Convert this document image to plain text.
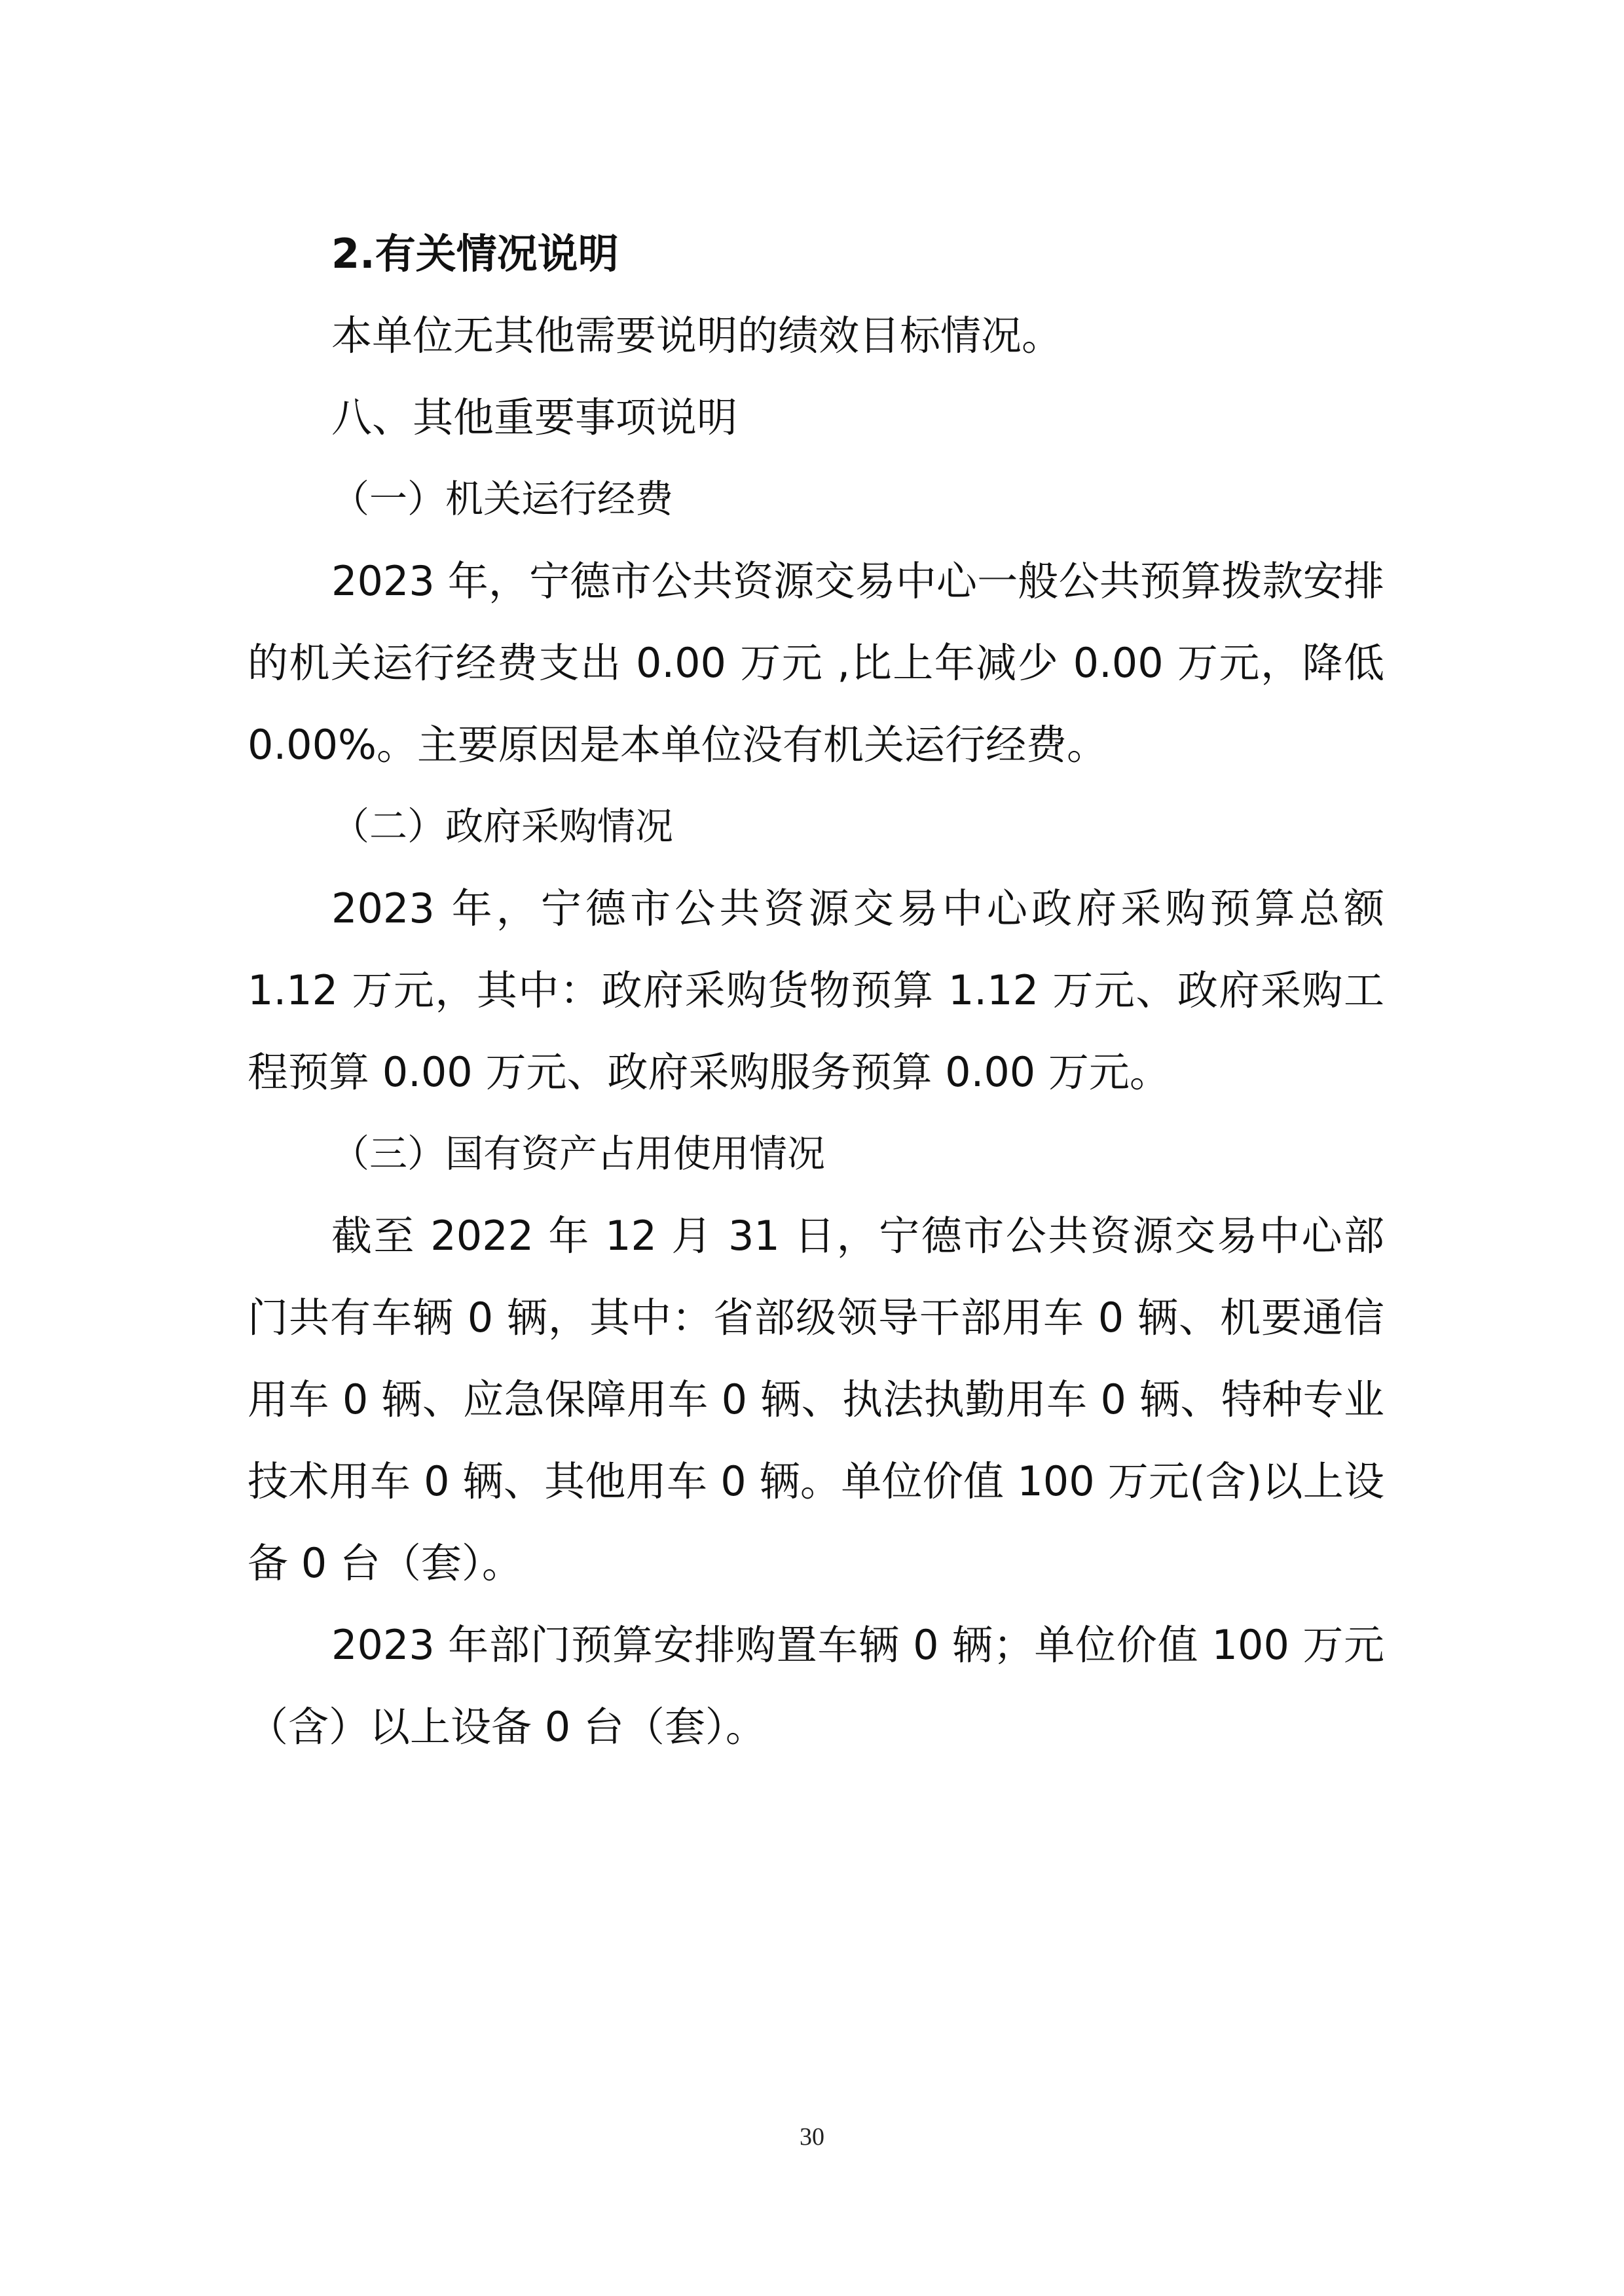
2.有关情况说明

本单位无其他需要说明的绩效目标情况。

八、其他重要事项说明

（一）机关运行经费

2023 年，宁德市公共资源交易中心一般公共预算拨款安排的机关运行经费支出 0.00 万元 ,比上年减少 0.00 万元，降低 0.00%。主要原因是本单位没有机关运行经费。

（二）政府采购情况

2023 年，宁德市公共资源交易中心政府采购预算总额 1.12 万元，其中：政府采购货物预算 1.12 万元、政府采购工程预算 0.00 万元、政府采购服务预算 0.00 万元。

（三）国有资产占用使用情况

截至 2022 年 12 月 31 日，宁德市公共资源交易中心部门共有车辆 0 辆，其中：省部级领导干部用车 0 辆、机要通信用车 0 辆、应急保障用车 0 辆、执法执勤用车 0 辆、特种专业技术用车 0 辆、其他用车 0 辆。单位价值 100 万元(含)以上设备 0 台（套）。

2023 年部门预算安排购置车辆 0 辆；单位价值 100 万元（含）以上设备 0 台（套）。

30
